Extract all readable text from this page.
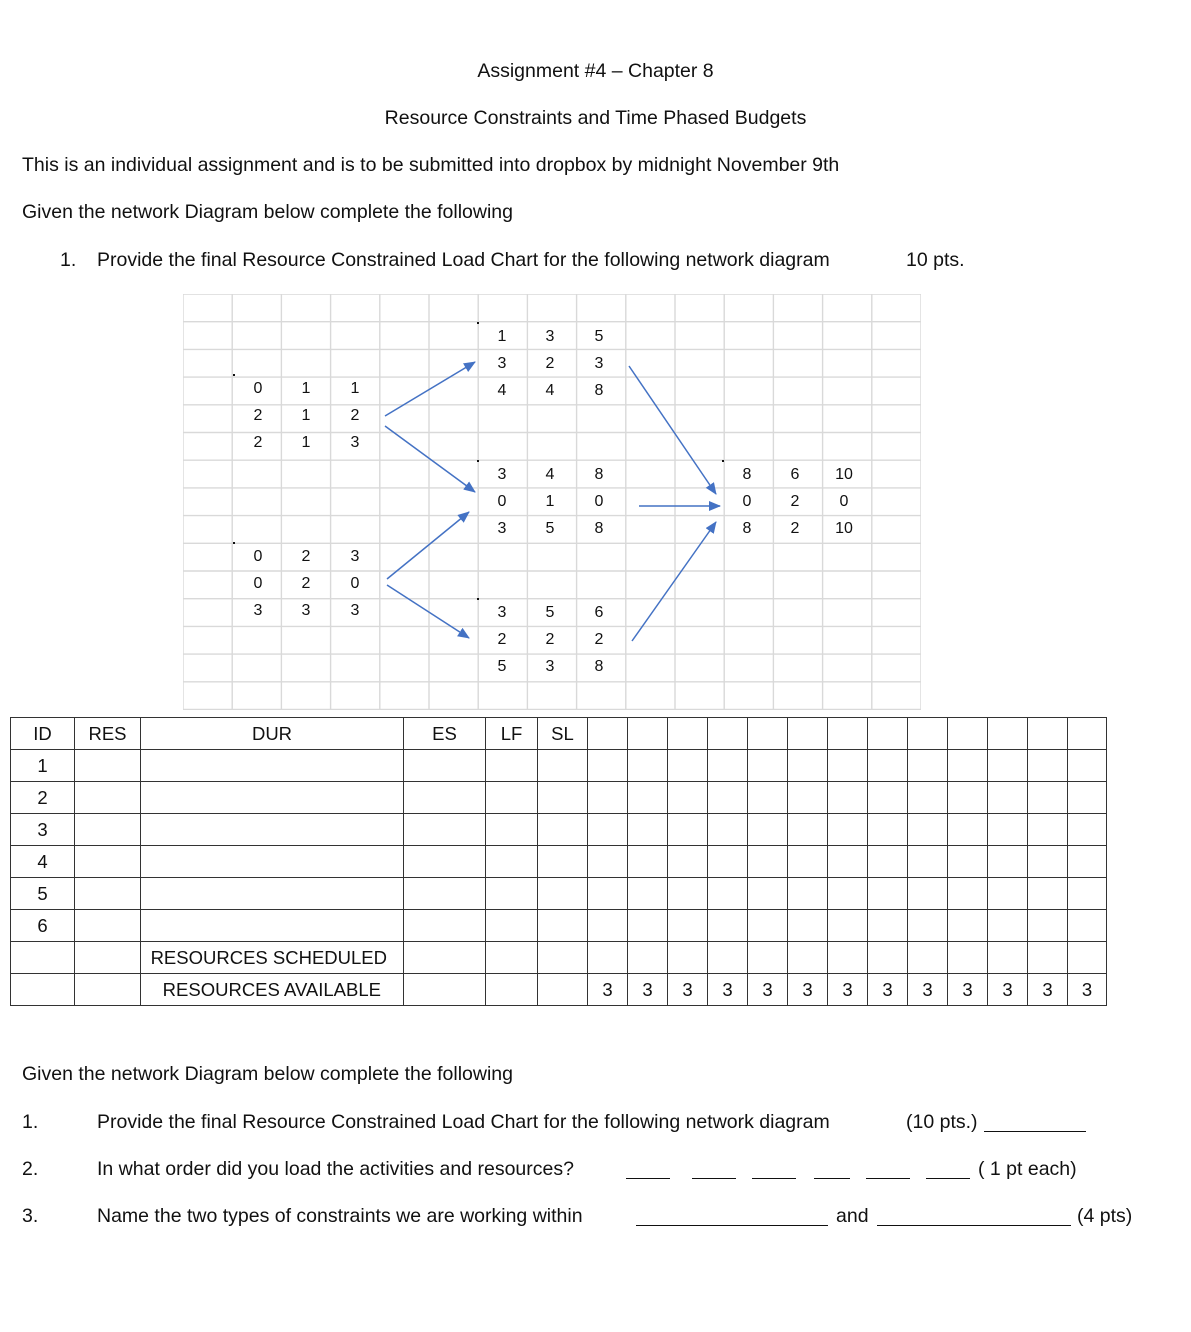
Assignment #4 – Chapter 8
Resource Constraints and Time Phased Budgets
This is an individual assignment and is to be submitted into dropbox by midnight November 9th
Given the network Diagram below complete the following
1. Provide the final Resource Constrained Load Chart for the following network diagram	10 pts.
0	1	1
2	1	2
2	1	3
0	2	3
0	2	0
3	3	3
1	3	5
3	2	3
4	4	8
3	4	8
0	1	0
3	5	8
3	5	6
2	2	2
5	3	8
8	6	10
0	2	0
8	2	10
ID	RES	DUR	ES	LF	SL													
1																		
2																		
3																		
4																		
5																		
6																		
		RESOURCES SCHEDULED																
		RESOURCES AVAILABLE				3	3	3	3	3	3	3	3	3	3	3	3	3
Given the network Diagram below complete the following
1.	Provide the final Resource Constrained Load Chart for the following network diagram	(10 pts.)
2.	In what order did you load the activities and resources?	( 1 pt each)
3.	Name the two types of constraints we are working within	and	(4 pts)
